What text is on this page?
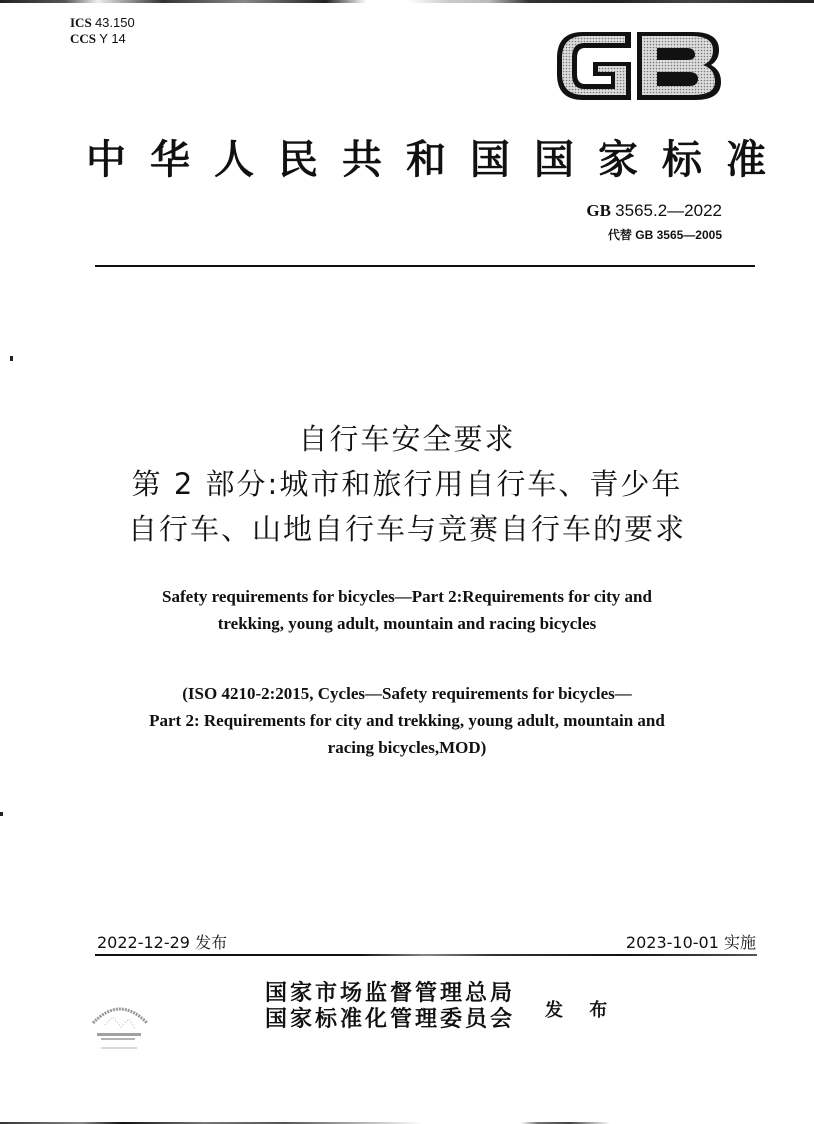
ICS 43.150
CCS Y 14
中华人民共和国国家标准
GB 3565.2—2022
代替 GB 3565—2005
自行车安全要求
第 2 部分:城市和旅行用自行车、青少年
自行车、山地自行车与竞赛自行车的要求
Safety requirements for bicycles—Part 2:Requirements for city and
trekking, young adult, mountain and racing bicycles
(ISO 4210-2:2015, Cycles—Safety requirements for bicycles—
Part 2: Requirements for city and trekking, young adult, mountain and
racing bicycles,MOD)
2022-12-29 发布	2023-10-01 实施
国家市场监督管理总局
国家标准化管理委员会 发 布
